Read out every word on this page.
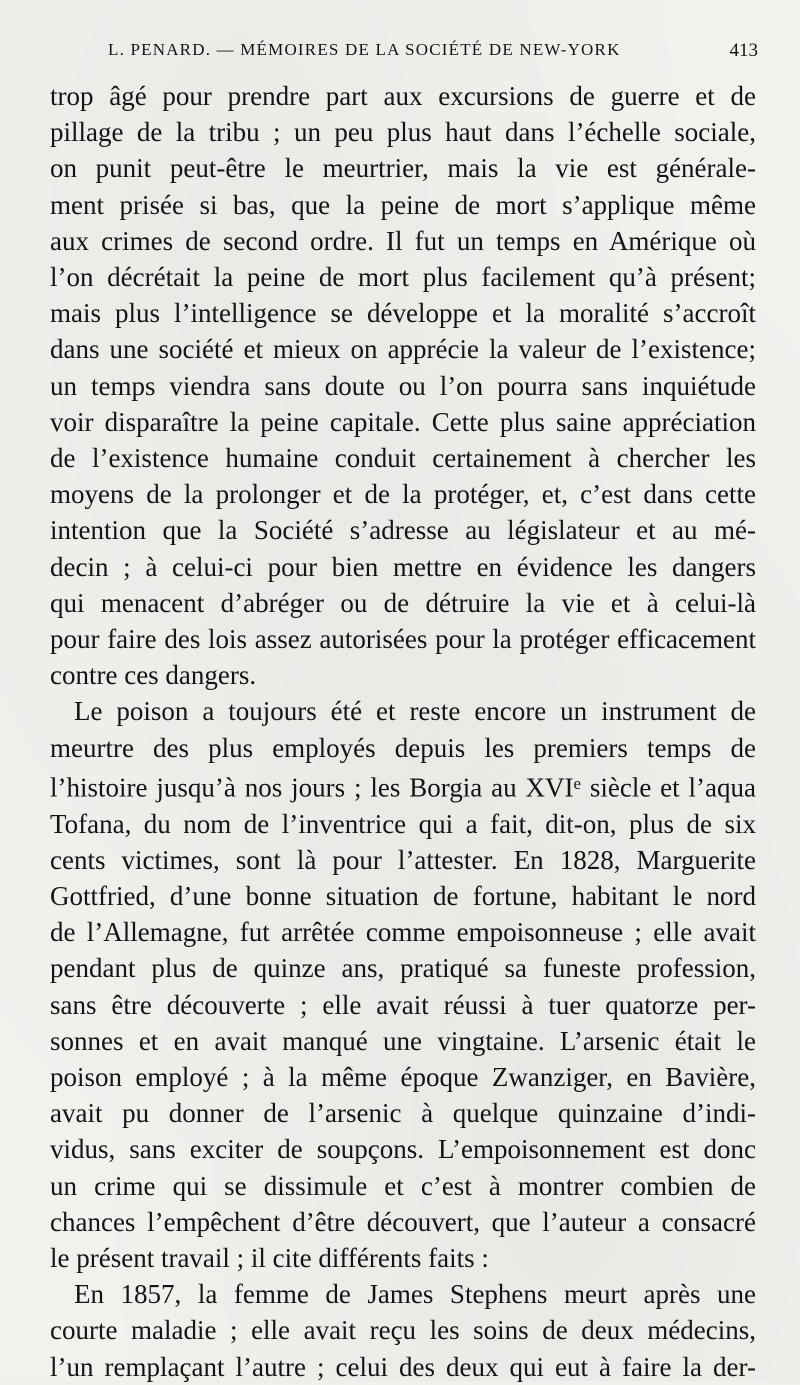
L. PENARD. — MÉMOIRES DE LA SOCIÉTÉ DE NEW-YORK	413
trop âgé pour prendre part aux excursions de guerre et de
pillage de la tribu ; un peu plus haut dans l’échelle sociale,
on punit peut-être le meurtrier, mais la vie est générale-
ment prisée si bas, que la peine de mort s’applique même
aux crimes de second ordre. Il fut un temps en Amérique où
l’on décrétait la peine de mort plus facilement qu’à présent;
mais plus l’intelligence se développe et la moralité s’accroît
dans une société et mieux on apprécie la valeur de l’existence;
un temps viendra sans doute ou l’on pourra sans inquiétude
voir disparaître la peine capitale. Cette plus saine appréciation
de l’existence humaine conduit certainement à chercher les
moyens de la prolonger et de la protéger, et, c’est dans cette
intention que la Société s’adresse au législateur et au mé-
decin ; à celui-ci pour bien mettre en évidence les dangers
qui menacent d’abréger ou de détruire la vie et à celui-là
pour faire des lois assez autorisées pour la protéger efficacement
contre ces dangers.
Le poison a toujours été et reste encore un instrument de
meurtre des plus employés depuis les premiers temps de
l’histoire jusqu’à nos jours ; les Borgia au XVIe siècle et l’aqua
Tofana, du nom de l’inventrice qui a fait, dit-on, plus de six
cents victimes, sont là pour l’attester. En 1828, Marguerite
Gottfried, d’une bonne situation de fortune, habitant le nord
de l’Allemagne, fut arrêtée comme empoisonneuse ; elle avait
pendant plus de quinze ans, pratiqué sa funeste profession,
sans être découverte ; elle avait réussi à tuer quatorze per-
sonnes et en avait manqué une vingtaine. L’arsenic était le
poison employé ; à la même époque Zwanziger, en Bavière,
avait pu donner de l’arsenic à quelque quinzaine d’indi-
vidus, sans exciter de soupçons. L’empoisonnement est donc
un crime qui se dissimule et c’est à montrer combien de
chances l’empêchent d’être découvert, que l’auteur a consacré
le présent travail ; il cite différents faits :
En 1857, la femme de James Stephens meurt après une
courte maladie ; elle avait reçu les soins de deux médecins,
l’un remplaçant l’autre ; celui des deux qui eut à faire la der-
